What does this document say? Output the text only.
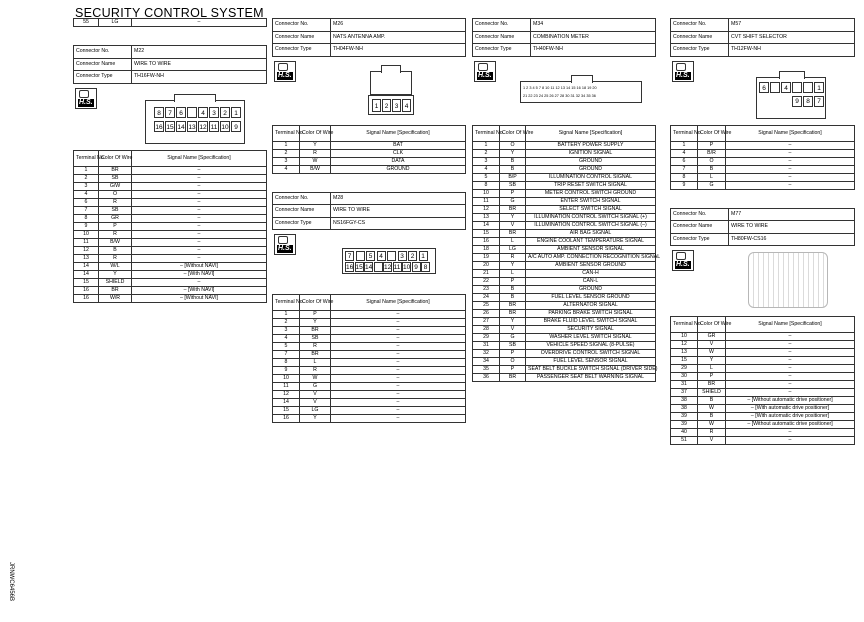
SECURITY CONTROL SYSTEM
JRNWC6456B
55	LG	–
Connector No.	M22
Connector Name	WIRE TO WIRE
Connector Type	TH16FW-NH
H.S.
8	7	6	4	3	2	1
16 15 14 13 12 11 10 9
Terminal No.	Color Of Wire	Signal Name [Specification]
1	BR	–
2	SB	–
3	G/W	–
4	O	–
6	R	–
7	SB	–
8	GR	–
9	P	–
10	R	–
11	B/W	–
12	B	–
13	R	–
14	W/L	– [Without NAVI]
14	Y	– [With NAVI]
15	SHIELD	–
16	BR	– [With NAVI]
16	W/R	– [Without NAVI]
Connector No.	M26
Connector Name	NATS ANTENNA AMP.
Connector Type	TH04FW-NH
H.S.
1 2 3 4
Terminal No.	Color Of Wire	Signal Name [Specification]
1	Y	BAT
2	R	CLK
3	W	DATA
4	B/W	GROUND
Connector No.	M28
Connector Name	WIRE TO WIRE
Connector Type	NS16FGY-CS
H.S.
7	5	4	3	2	1
16 15 14 12 11 10 9 8
Terminal No.	Color Of Wire	Signal Name [Specification]
1	P	–
2	Y	–
3	BR	–
4	SB	–
5	R	–
7	BR	–
8	L	–
9	R	–
10	W	–
11	G	–
12	V	–
14	V	–
15	LG	–
16	Y	–
Connector No.	M34
Connector Name	COMBINATION METER
Connector Type	TH40FW-NH
H.S.
1 2 3 4 5 7 8 10 11 12 13 14 15 16 18 19 20
21 22 23 24 25 26 27 28 30 31 32 34 35 36
Terminal No.	Color Of Wire	Signal Name [Specification]
1	O	BATTERY POWER SUPPLY
2	Y	IGNITION SIGNAL
3	B	GROUND
4	B	GROUND
5	B/P	ILLUMINATION CONTROL SIGNAL
8	SB	TRIP RESET SWITCH SIGNAL
10	P	METER CONTROL SWITCH GROUND
11	G	ENTER SWITCH SIGNAL
12	BR	SELECT SWITCH SIGNAL
13	Y	ILLUMINATION CONTROL SWITCH SIGNAL (+)
14	V	ILLUMINATION CONTROL SWITCH SIGNAL (–)
15	BR	AIR BAG SIGNAL
16	L	ENGINE COOLANT TEMPERATURE SIGNAL
18	LG	AMBIENT SENSOR SIGNAL
19	R	A/C AUTO AMP. CONNECTION RECOGNITION SIGNAL
20	Y	AMBIENT SENSOR GROUND
21	L	CAN-H
22	P	CAN-L
23	B	GROUND
24	B	FUEL LEVEL SENSOR GROUND
25	BR	ALTERNATOR SIGNAL
26	BR	PARKING BRAKE SWITCH SIGNAL
27	Y	BRAKE FLUID LEVEL SWITCH SIGNAL
28	V	SECURITY SIGNAL
29	G	WASHER LEVEL SWITCH SIGNAL
31	SB	VEHICLE SPEED SIGNAL (8-PULSE)
32	P	OVERDRIVE CONTROL SWITCH SIGNAL
34	O	FUEL LEVEL SENSOR SIGNAL
35	P	SEAT BELT BUCKLE SWITCH SIGNAL (DRIVER SIDE)
36	BR	PASSENGER SEAT BELT WARNING SIGNAL
Connector No.	M57
Connector Name	CVT SHIFT SELECTOR
Connector Type	TH12FW-NH
H.S.
6	4	1
9	8	7
Terminal No.	Color Of Wire	Signal Name [Specification]
1	P	–
4	B/R	–
6	O	–
7	B	–
8	L	–
9	G	–
Connector No.	M77
Connector Name	WIRE TO WIRE
Connector Type	TH80FW-CS16
H.S.
Terminal No.	Color Of Wire	Signal Name [Specification]
10	GR	–
12	V	–
13	W	–
15	Y	–
29	L	–
30	P	–
31	BR	–
37	SHIELD	–
38	B	– [Without automatic drive positioner]
38	W	– [With automatic drive positioner]
39	B	– [With automatic drive positioner]
39	W	– [Without automatic drive positioner]
40	R	–
51	V	–
